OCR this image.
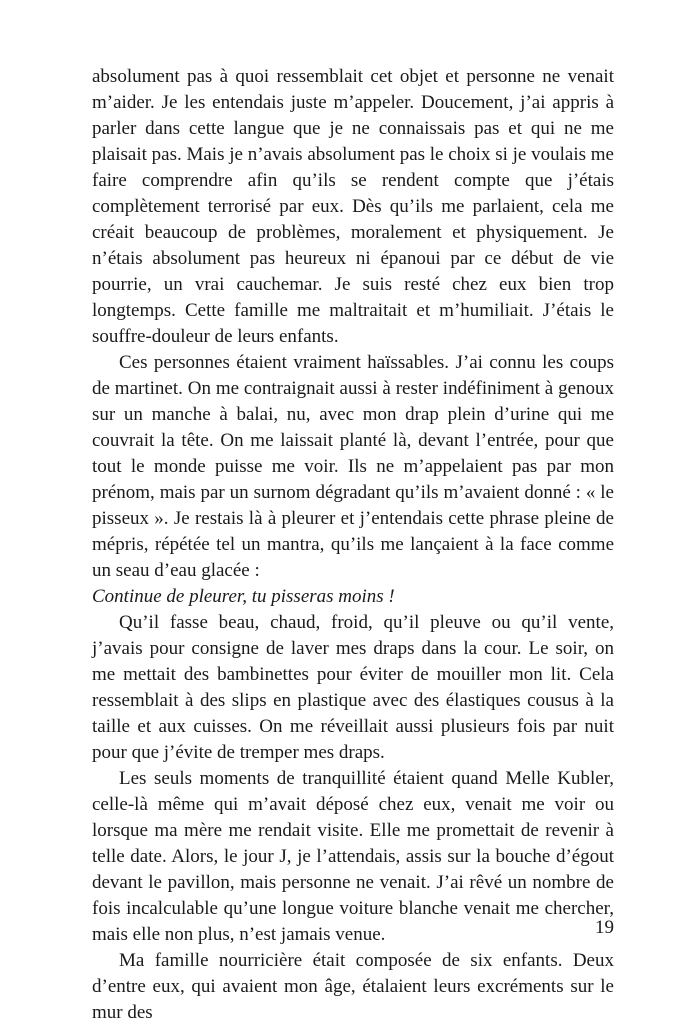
absolument pas à quoi ressemblait cet objet et personne ne venait m’aider. Je les entendais juste m’appeler. Doucement, j’ai appris à parler dans cette langue que je ne connaissais pas et qui ne me plaisait pas. Mais je n’avais absolument pas le choix si je voulais me faire comprendre afin qu’ils se rendent compte que j’étais complètement terrorisé par eux. Dès qu’ils me parlaient, cela me créait beaucoup de problèmes, moralement et physiquement. Je n’étais absolument pas heureux ni épanoui par ce début de vie pourrie, un vrai cauchemar. Je suis resté chez eux bien trop longtemps. Cette famille me maltraitait et m’humiliait. J’étais le souffre-douleur de leurs enfants.

Ces personnes étaient vraiment haïssables. J’ai connu les coups de martinet. On me contraignait aussi à rester indéfiniment à genoux sur un manche à balai, nu, avec mon drap plein d’urine qui me couvrait la tête. On me laissait planté là, devant l’entrée, pour que tout le monde puisse me voir. Ils ne m’appelaient pas par mon prénom, mais par un surnom dégradant qu’ils m’avaient donné : « le pisseux ». Je restais là à pleurer et j’entendais cette phrase pleine de mépris, répétée tel un mantra, qu’ils me lançaient à la face comme un seau d’eau glacée :

Continue de pleurer, tu pisseras moins !

Qu’il fasse beau, chaud, froid, qu’il pleuve ou qu’il vente, j’avais pour consigne de laver mes draps dans la cour. Le soir, on me mettait des bambinettes pour éviter de mouiller mon lit. Cela ressemblait à des slips en plastique avec des élastiques cousus à la taille et aux cuisses. On me réveillait aussi plusieurs fois par nuit pour que j’évite de tremper mes draps.

Les seuls moments de tranquillité étaient quand Melle Kubler, celle-là même qui m’avait déposé chez eux, venait me voir ou lorsque ma mère me rendait visite. Elle me promettait de revenir à telle date. Alors, le jour J, je l’attendais, assis sur la bouche d’égout devant le pavillon, mais personne ne venait. J’ai rêvé un nombre de fois incalculable qu’une longue voiture blanche venait me chercher, mais elle non plus, n’est jamais venue.

Ma famille nourricière était composée de six enfants. Deux d’entre eux, qui avaient mon âge, étalaient leurs excréments sur le mur des

19
